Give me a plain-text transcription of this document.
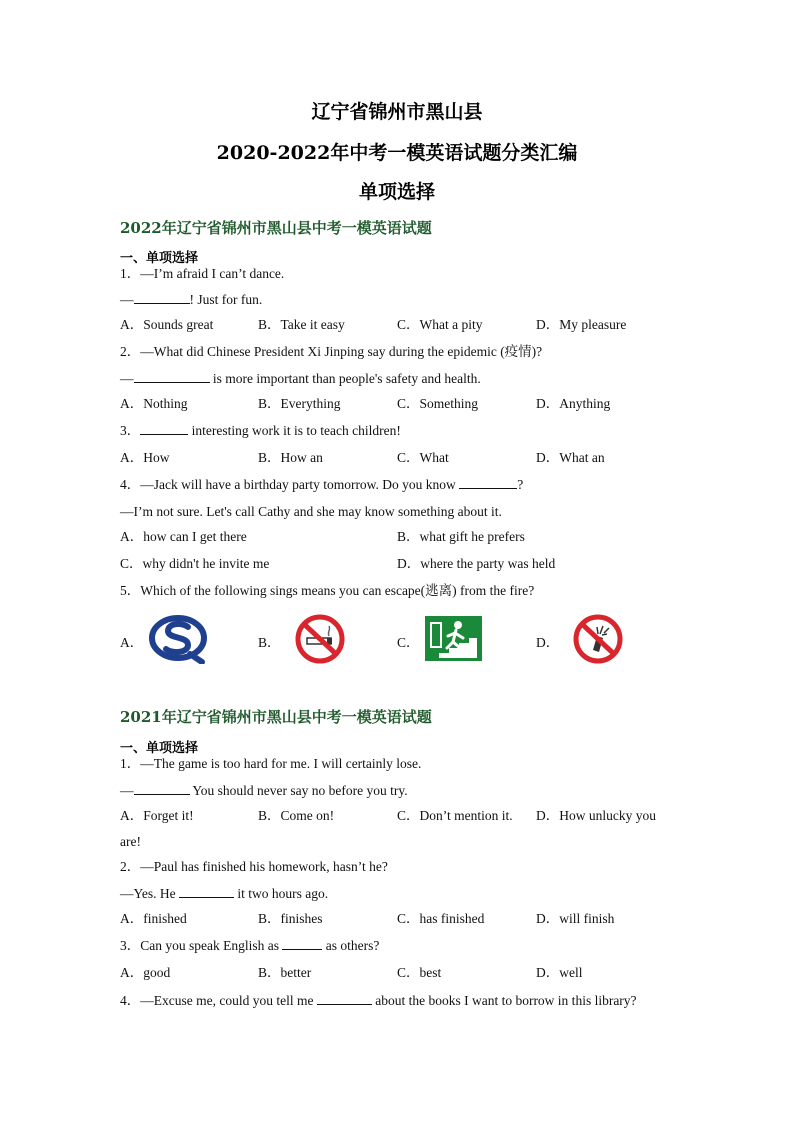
辽宁省锦州市黑山县
2020-2022年中考一模英语试题分类汇编
单项选择
2022年辽宁省锦州市黑山县中考一模英语试题
一、单项选择
1．—I’m afraid I can’t dance.
—	! Just for fun.
A．Sounds great	B．Take it easy	C．What a pity	D．My pleasure
2．—What did Chinese President Xi Jinping say during the epidemic (疫情)?
—	is more important than people's safety and health.
A．Nothing	B．Everything	C．Something	D．Anything
3．	interesting work it is to teach children!
A．How	B．How an	C．What	D．What an
4．—Jack will have a birthday party tomorrow. Do you know	?
—I’m not sure. Let's call Cathy and she may know something about it.
A．how can I get there	B．what gift he prefers
C．why didn't he invite me	D．where the party was held
5．Which of the following sings means you can escape(逃离) from the fire?
A．	B．	C．	D．
2021年辽宁省锦州市黑山县中考一模英语试题
一、单项选择
1．—The game is too hard for me. I will certainly lose.
—	You should never say no before you try.
A．Forget it!	B．Come on!	C．Don’t mention it. D．How unlucky you
are!
2．—Paul has finished his homework, hasn’t he?
—Yes. He	it two hours ago.
A．finished	B．finishes	C．has finished	D．will finish
3．Can you speak English as	as others?
A．good	B．better	C．best	D．well
4．—Excuse me, could you tell me	about the books I want to borrow in this library?
